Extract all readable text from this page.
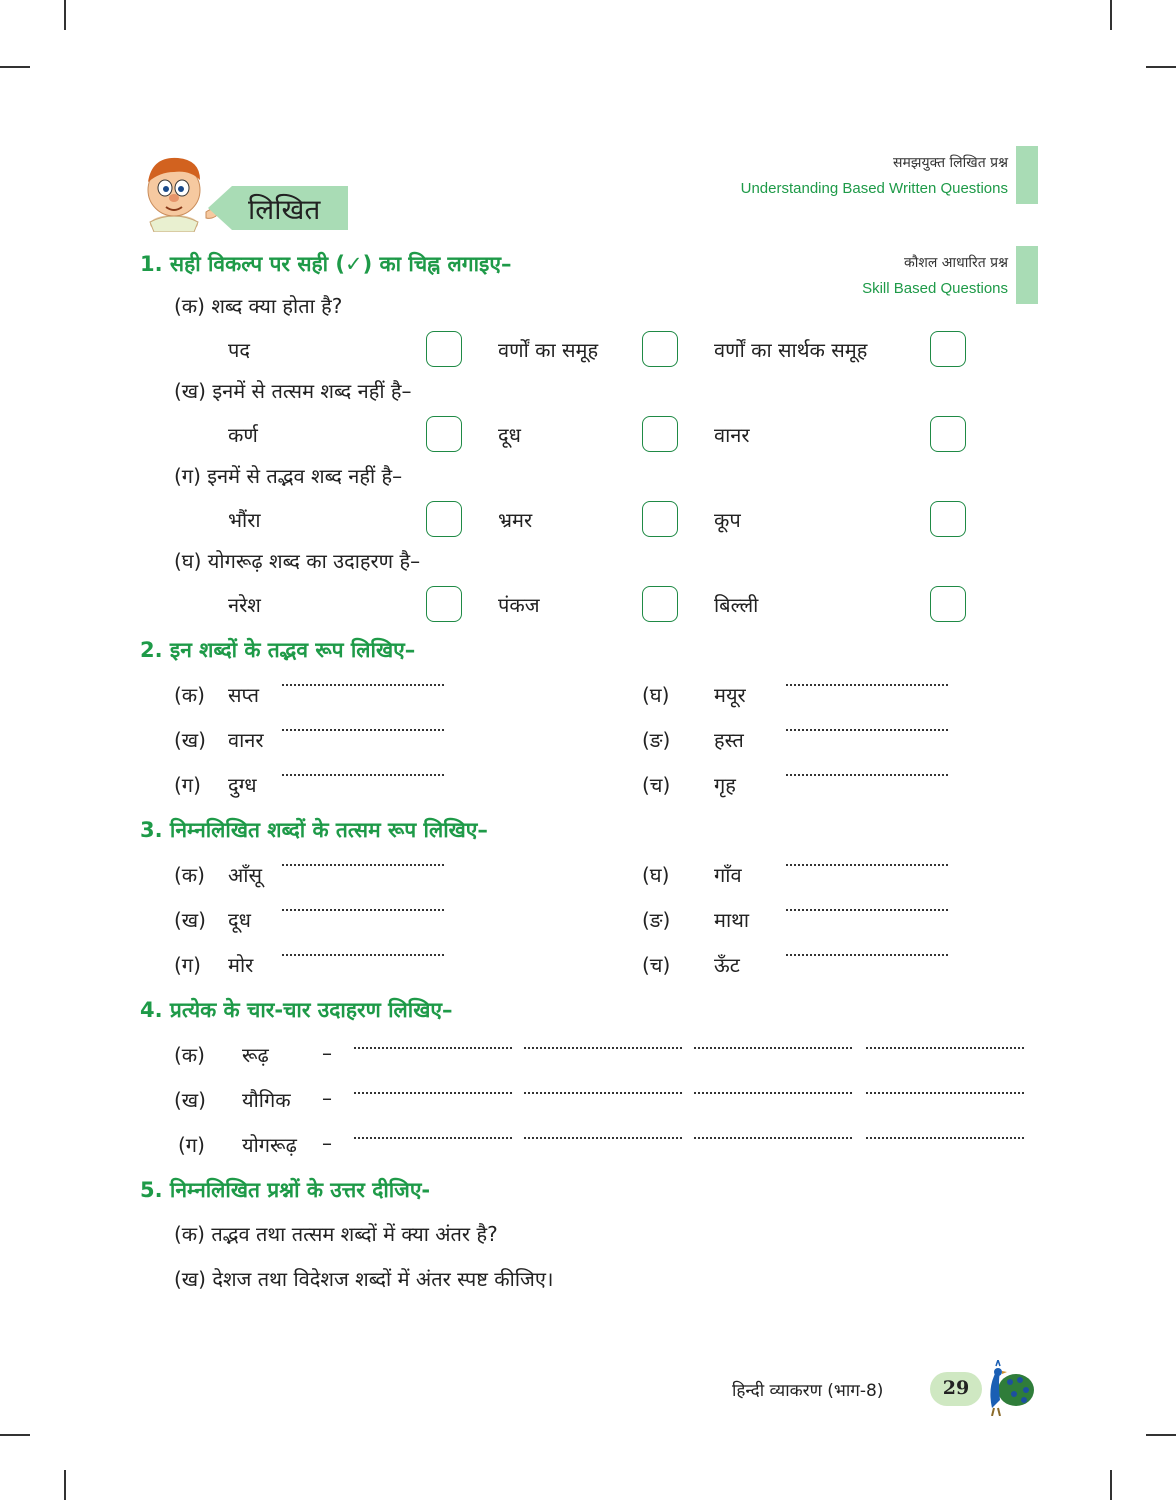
लिखित
समझयुक्त लिखित प्रश्न
Understanding Based Written Questions
कौशल आधारित प्रश्न
Skill Based Questions
1. सही विकल्प पर सही (✓) का चिह्न लगाइए–
(क) शब्द क्या होता है?
पद	वर्णों का समूह	वर्णों का सार्थक समूह
(ख) इनमें से तत्सम शब्द नहीं है–
कर्ण	दूध	वानर
(ग) इनमें से तद्भव शब्द नहीं है–
भौंरा	भ्रमर	कूप
(घ) योगरूढ़ शब्द का उदाहरण है–
नरेश	पंकज	बिल्ली
2. इन शब्दों के तद्भव रूप लिखिए–
(क) सप्त	(घ) मयूर
(ख) वानर	(ङ) हस्त
(ग) दुग्ध	(च) गृह
3. निम्नलिखित शब्दों के तत्सम रूप लिखिए–
(क) आँसू	(घ) गाँव
(ख) दूध	(ङ) माथा
(ग) मोर	(च) ऊँट
4. प्रत्येक के चार-चार उदाहरण लिखिए–
(क) रूढ़	–
(ख) यौगिक –
(ग) योगरूढ़ –
5. निम्नलिखित प्रश्नों के उत्तर दीजिए-
(क) तद्भव तथा तत्सम शब्दों में क्या अंतर है?
(ख) देशज तथा विदेशज शब्दों में अंतर स्पष्ट कीजिए।
हिन्दी व्याकरण (भाग-8)	29
